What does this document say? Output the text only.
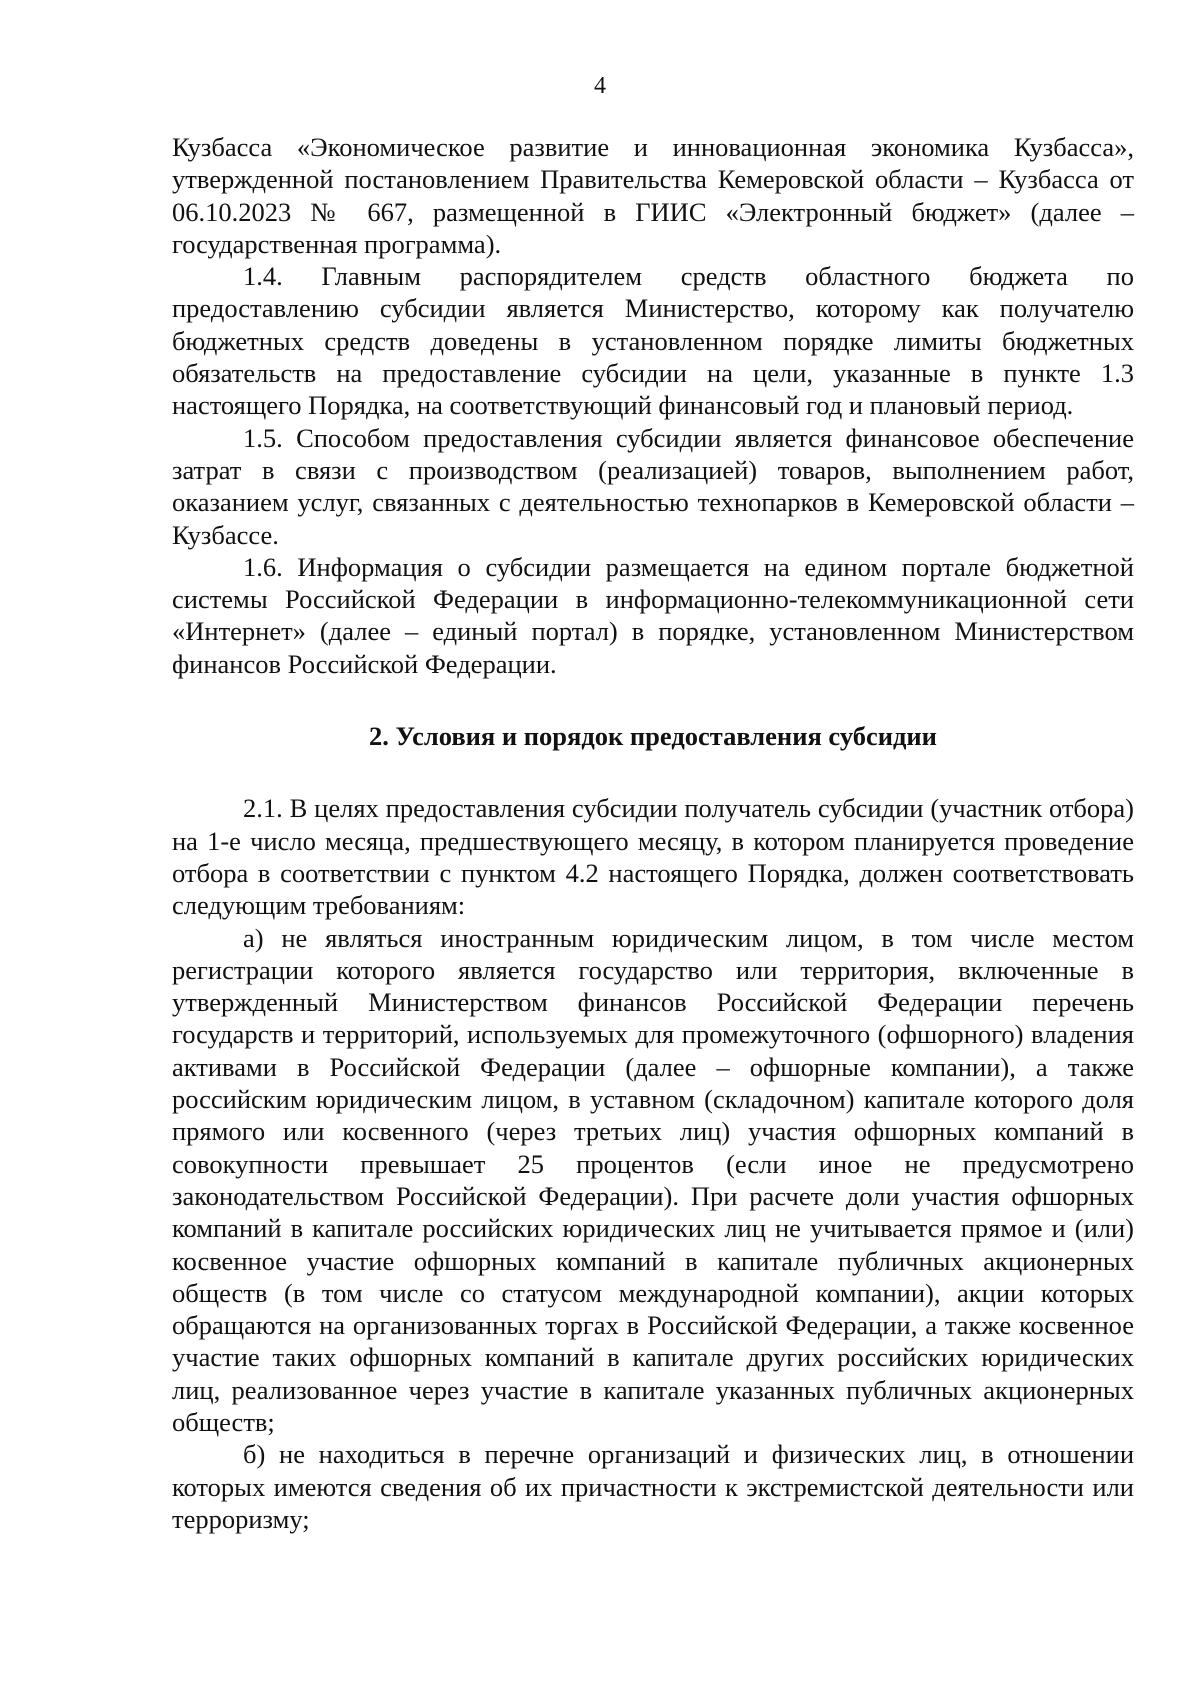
4

Кузбасса «Экономическое развитие и инновационная экономика Кузбасса», утвержденной постановлением Правительства Кемеровской области – Кузбасса от 06.10.2023 № 667, размещенной в ГИИС «Электронный бюджет» (далее – государственная программа).

1.4. Главным распорядителем средств областного бюджета по предоставлению субсидии является Министерство, которому как получателю бюджетных средств доведены в установленном порядке лимиты бюджетных обязательств на предоставление субсидии на цели, указанные в пункте 1.3 настоящего Порядка, на соответствующий финансовый год и плановый период.

1.5. Способом предоставления субсидии является финансовое обеспечение затрат в связи с производством (реализацией) товаров, выполнением работ, оказанием услуг, связанных с деятельностью технопарков в Кемеровской области – Кузбассе.

1.6. Информация о субсидии размещается на едином портале бюджетной системы Российской Федерации в информационно-телекоммуникационной сети «Интернет» (далее – единый портал) в порядке, установленном Министерством финансов Российской Федерации.

2. Условия и порядок предоставления субсидии

2.1. В целях предоставления субсидии получатель субсидии (участник отбора) на 1-е число месяца, предшествующего месяцу, в котором планируется проведение отбора в соответствии с пунктом 4.2 настоящего Порядка, должен соответствовать следующим требованиям:

а) не являться иностранным юридическим лицом, в том числе местом регистрации которого является государство или территория, включенные в утвержденный Министерством финансов Российской Федерации перечень государств и территорий, используемых для промежуточного (офшорного) владения активами в Российской Федерации (далее – офшорные компании), а также российским юридическим лицом, в уставном (складочном) капитале которого доля прямого или косвенного (через третьих лиц) участия офшорных компаний в совокупности превышает 25 процентов (если иное не предусмотрено законодательством Российской Федерации). При расчете доли участия офшорных компаний в капитале российских юридических лиц не учитывается прямое и (или) косвенное участие офшорных компаний в капитале публичных акционерных обществ (в том числе со статусом международной компании), акции которых обращаются на организованных торгах в Российской Федерации, а также косвенное участие таких офшорных компаний в капитале других российских юридических лиц, реализованное через участие в капитале указанных публичных акционерных обществ;

б) не находиться в перечне организаций и физических лиц, в отношении которых имеются сведения об их причастности к экстремистской деятельности или терроризму;
